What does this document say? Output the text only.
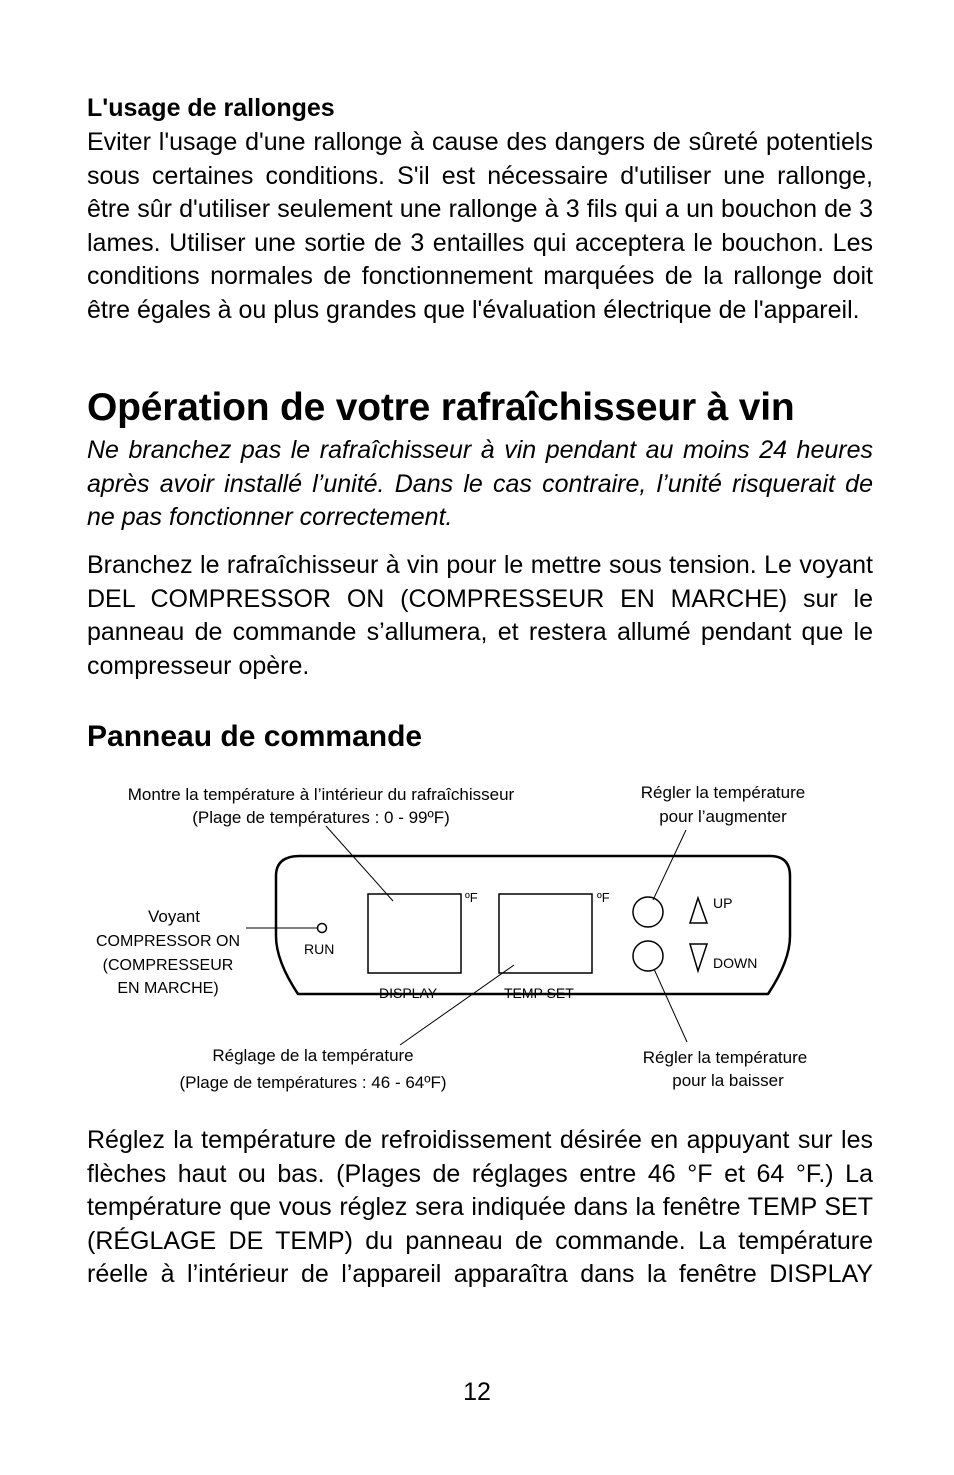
L'usage de rallonges

Eviter l'usage d'une rallonge à cause des dangers de sûreté potentiels sous certaines conditions. S'il est nécessaire d'utiliser une rallonge, être sûr d'utiliser seulement une rallonge à 3 fils qui a un bouchon de 3 lames. Utiliser une sortie de 3 entailles qui acceptera le bouchon. Les conditions normales de fonctionnement marquées de la rallonge doit être égales à ou plus grandes que l'évaluation électrique de l'appareil.

Opération de votre rafraîchisseur à vin

Ne branchez pas le rafraîchisseur à vin pendant au moins 24 heures après avoir installé l’unité. Dans le cas contraire, l’unité risquerait de ne pas fonctionner correctement.

Branchez le rafraîchisseur à vin pour le mettre sous tension. Le voyant DEL COMPRESSOR ON (COMPRESSEUR EN MARCHE) sur le panneau de commande s’allumera, et restera allumé pendant que le compresseur opère.

Panneau de commande
RUN
DISPLAY	TEMP SET
ºF	ºF	UP
DOWN
Montre la température à l’intérieur du rafraîchisseur
(Plage de températures : 0 - 99ºF)
Régler la température
pour l’augmenter
Voyant
COMPRESSOR ON
(COMPRESSEUR
EN MARCHE)
Réglage de la température
(Plage de températures : 46 - 64ºF)
Régler la température
pour la baisser

Réglez la température de refroidissement désirée en appuyant sur les flèches haut ou bas. (Plages de réglages entre 46 °F et 64 °F.) La température que vous réglez sera indiquée dans la fenêtre TEMP SET (RÉGLAGE DE TEMP) du panneau de commande. La température réelle à l’intérieur de l’appareil apparaîtra dans la fenêtre DISPLAY

12
